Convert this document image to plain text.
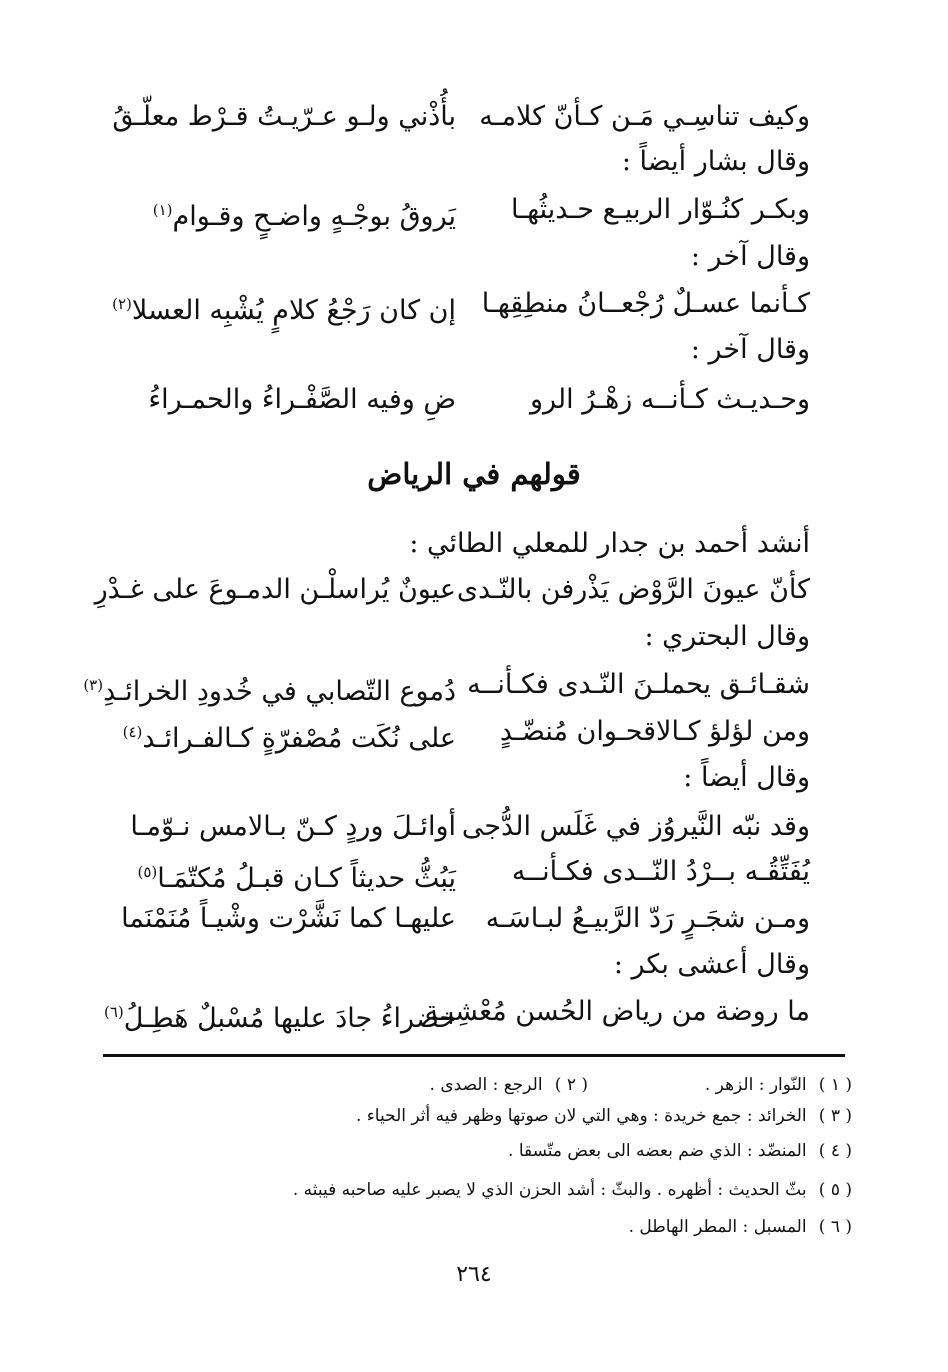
وكيف تناسِـي مَـن كـأنّ كلامـه
بأُذْني ولـو عـرّيـتُ قـرْط معلّـقُ
وقال بشار أيضاً :
وبكـر كنُـوّار الربيـع حـديثُهـا
يَروقُ بوجْـهٍ واضـحٍ وقـوام$^{(١)}$
وقال آخر :
كـأنما عسـلٌ رُجْعــانُ منطِقِهـا
إن كان رَجْعُ كلامٍ يُشْبِه العسلا$^{(٢)}$
وقال آخر :
وحـديـث كـأنــه زهْـرُ الرو
ضِ وفيه الصَّفْـراءُ والحمـراءُ
قولهم في الرياض
أنشد أحمد بن جدار للمعلي الطائي :
كأنّ عيونَ الرَّوْض يَذْرفن بالنّـدى
عيونٌ يُراسلْـن الدمـوعَ على غـدْرِ
وقال البحتري :
شقـائـق يحملـنَ النّـدى فكـأنــه
دُموع التّصابي في خُدودِ الخرائـدِ$^{(٣)}$
ومن لؤلؤ كـالاقحـوان مُنضّـدٍ
على نُكَت مُصْفرّةٍ كـالفـرائـد$^{(٤)}$
وقال أيضاً :
وقد نبّه النَّيروُز في غَلَس الدُّجى
أوائـلَ وردٍ كـنّ بـالامس نـوّمـا
يُفَتِّقُـه بــرْدُ النّــدى فكـأنــه
يَبُثُّ حديثاً كـان قبـلُ مُكتّمَـا$^{(٥)}$
ومـن شجَـرٍ رَدّ الرَّبيـعُ لبـاسَـه
عليهـا كما نَشَّرْت وشْيـاً مُنَمْنَما
وقال أعشى بكر :
ما روضة من رياض الحُسن مُعْشِبـة
خضراءُ جادَ عليها مُسْبلٌ هَطِـلُ$^{(٦)}$
( ١ ) النّوار : الزهر .
( ٢ ) الرجع : الصدى .
( ٣ ) الخرائد : جمع خريدة : وهي التي لان صوتها وظهر فيه أثر الحياء .
( ٤ ) المنضّد : الذي ضم بعضه الى بعض متّسقا .
( ٥ ) بثّ الحديث : أظهره . والبثّ : أشد الحزن الذي لا يصبر عليه صاحبه فيبثه .
( ٦ ) المسبل : المطر الهاطل .
٢٦٤
